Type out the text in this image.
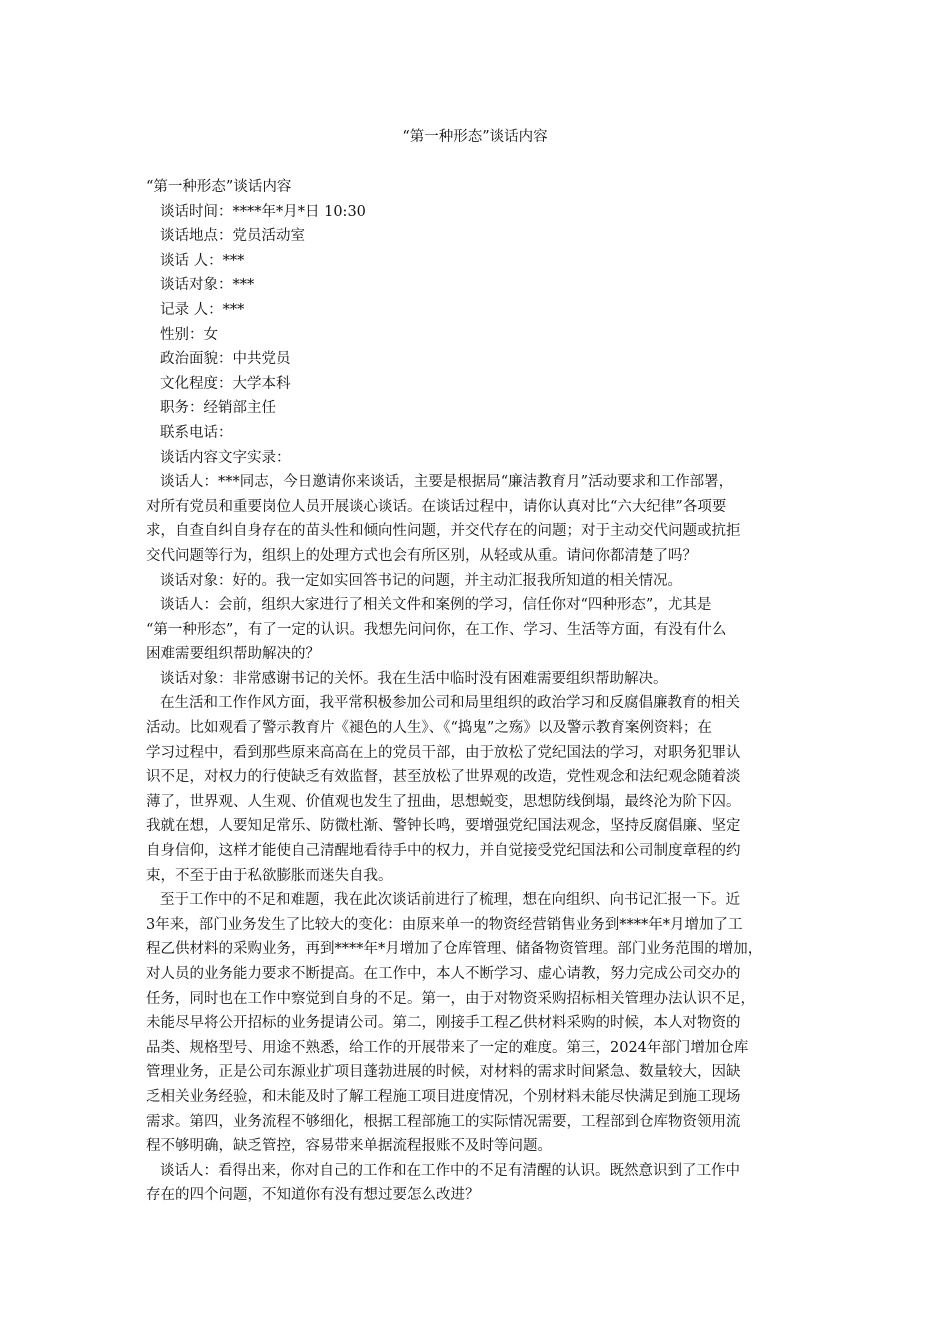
“第一种形态”谈话内容
“第一种形态”谈话内容
谈话时间：****年*月*日 10:30
谈话地点：党员活动室
谈话 人：***
谈话对象：***
记录 人：***
性别：女
政治面貌：中共党员
文化程度：大学本科
职务：经销部主任
联系电话：
谈话内容文字实录：
谈话人：***同志，今日邀请你来谈话，主要是根据局“廉洁教育月”活动要求和工作部署，
对所有党员和重要岗位人员开展谈心谈话。在谈话过程中，请你认真对比“六大纪律”各项要
求，自查自纠自身存在的苗头性和倾向性问题，并交代存在的问题；对于主动交代问题或抗拒
交代问题等行为，组织上的处理方式也会有所区别，从轻或从重。请问你都清楚了吗？
谈话对象：好的。我一定如实回答书记的问题，并主动汇报我所知道的相关情况。
谈话人：会前，组织大家进行了相关文件和案例的学习，信任你对“四种形态”，尤其是
“第一种形态”，有了一定的认识。我想先问问你，在工作、学习、生活等方面，有没有什么
困难需要组织帮助解决的？
谈话对象：非常感谢书记的关怀。我在生活中临时没有困难需要组织帮助解决。
在生活和工作作风方面，我平常积极参加公司和局里组织的政治学习和反腐倡廉教育的相关
活动。比如观看了警示教育片《褪色的人生》、《“捣鬼”之殇》以及警示教育案例资料；在
学习过程中，看到那些原来高高在上的党员干部，由于放松了党纪国法的学习，对职务犯罪认
识不足，对权力的行使缺乏有效监督，甚至放松了世界观的改造，党性观念和法纪观念随着淡
薄了，世界观、人生观、价值观也发生了扭曲，思想蜕变，思想防线倒塌，最终沦为阶下囚。
我就在想，人要知足常乐、防微杜渐、警钟长鸣，要增强党纪国法观念，坚持反腐倡廉、坚定
自身信仰，这样才能使自己清醒地看待手中的权力，并自觉接受党纪国法和公司制度章程的约
束，不至于由于私欲膨胀而迷失自我。
至于工作中的不足和难题，我在此次谈话前进行了梳理，想在向组织、向书记汇报一下。近
3年来，部门业务发生了比较大的变化：由原来单一的物资经营销售业务到****年*月增加了工
程乙供材料的采购业务，再到****年*月增加了仓库管理、储备物资管理。部门业务范围的增加，
对人员的业务能力要求不断提高。在工作中，本人不断学习、虚心请教，努力完成公司交办的
任务，同时也在工作中察觉到自身的不足。第一，由于对物资采购招标相关管理办法认识不足，
未能尽早将公开招标的业务提请公司。第二，刚接手工程乙供材料采购的时候，本人对物资的
品类、规格型号、用途不熟悉，给工作的开展带来了一定的难度。第三，2024年部门增加仓库
管理业务，正是公司东源业扩项目蓬勃进展的时候，对材料的需求时间紧急、数量较大，因缺
乏相关业务经验，和未能及时了解工程施工项目进度情况，个别材料未能尽快满足到施工现场
需求。第四，业务流程不够细化，根据工程部施工的实际情况需要，工程部到仓库物资领用流
程不够明确，缺乏管控，容易带来单据流程报账不及时等问题。
谈话人：看得出来，你对自己的工作和在工作中的不足有清醒的认识。既然意识到了工作中
存在的四个问题，不知道你有没有想过要怎么改进？
